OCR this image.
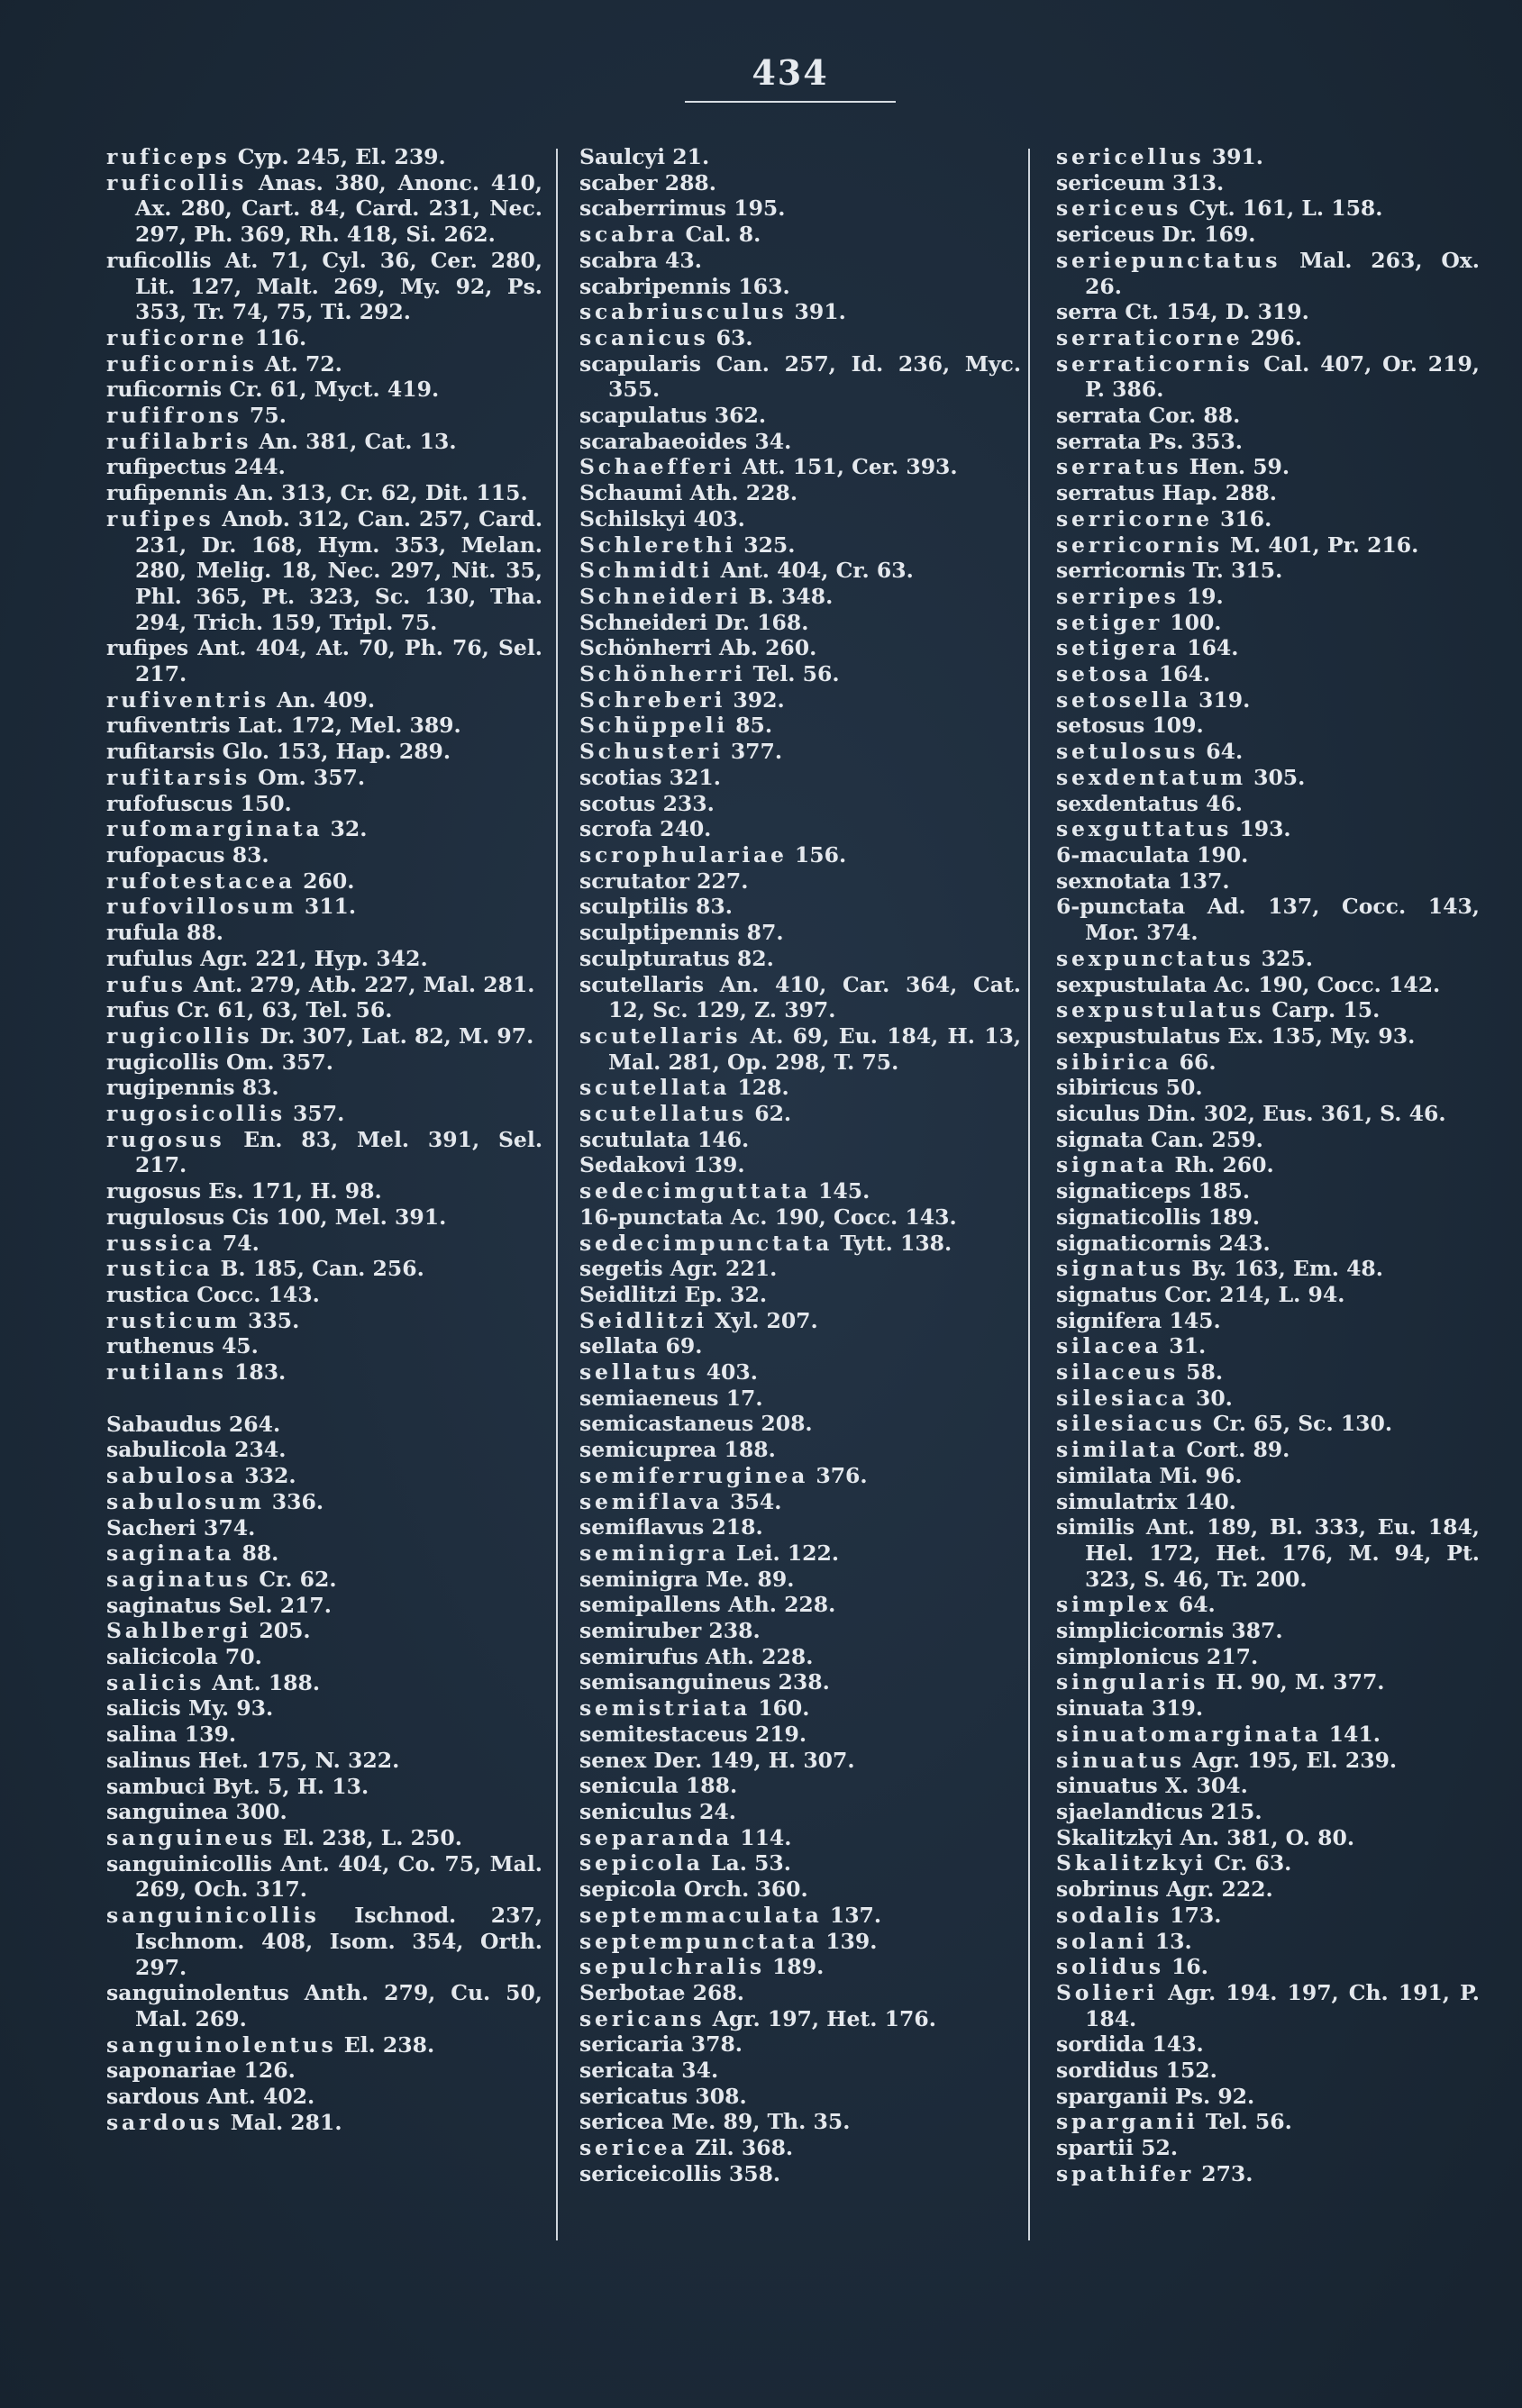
434

ruficeps Cyp. 245, El. 239.

ruficollis Anas. 380, Anonc. 410, Ax. 280, Cart. 84, Card. 231, Nec. 297, Ph. 369, Rh. 418, Si. 262.

ruficollis At. 71, Cyl. 36, Cer. 280, Lit. 127, Malt. 269, My. 92, Ps. 353, Tr. 74, 75, Ti. 292.

ruficorne 116.

ruficornis At. 72.

ruficornis Cr. 61, Myct. 419.

rufifrons 75.

rufilabris An. 381, Cat. 13.

rufipectus 244.

rufipennis An. 313, Cr. 62, Dit. 115.

rufipes Anob. 312, Can. 257, Card. 231, Dr. 168, Hym. 353, Melan. 280, Melig. 18, Nec. 297, Nit. 35, Phl. 365, Pt. 323, Sc. 130, Tha. 294, Trich. 159, Tripl. 75.

rufipes Ant. 404, At. 70, Ph. 76, Sel. 217.

rufiventris An. 409.

rufiventris Lat. 172, Mel. 389.

rufitarsis Glo. 153, Hap. 289.

rufitarsis Om. 357.

rufofuscus 150.

rufomarginata 32.

rufopacus 83.

rufotestacea 260.

rufovillosum 311.

rufula 88.

rufulus Agr. 221, Hyp. 342.

rufus Ant. 279, Atb. 227, Mal. 281.

rufus Cr. 61, 63, Tel. 56.

rugicollis Dr. 307, Lat. 82, M. 97.

rugicollis Om. 357.

rugipennis 83.

rugosicollis 357.

rugosus En. 83, Mel. 391, Sel. 217.

rugosus Es. 171, H. 98.

rugulosus Cis 100, Mel. 391.

russica 74.

rustica B. 185, Can. 256.

rustica Cocc. 143.

rusticum 335.

ruthenus 45.

rutilans 183.

Sabaudus 264.

sabulicola 234.

sabulosa 332.

sabulosum 336.

Sacheri 374.

saginata 88.

saginatus Cr. 62.

saginatus Sel. 217.

Sahlbergi 205.

salicicola 70.

salicis Ant. 188.

salicis My. 93.

salina 139.

salinus Het. 175, N. 322.

sambuci Byt. 5, H. 13.

sanguinea 300.

sanguineus El. 238, L. 250.

sanguinicollis Ant. 404, Co. 75, Mal. 269, Och. 317.

sanguinicollis Ischnod. 237, Ischnom. 408, Isom. 354, Orth. 297.

sanguinolentus Anth. 279, Cu. 50, Mal. 269.

sanguinolentus El. 238.

saponariae 126.

sardous Ant. 402.

sardous Mal. 281.

Saulcyi 21.

scaber 288.

scaberrimus 195.

scabra Cal. 8.

scabra 43.

scabripennis 163.

scabriusculus 391.

scanicus 63.

scapularis Can. 257, Id. 236, Myc. 355.

scapulatus 362.

scarabaeoides 34.

Schaefferi Att. 151, Cer. 393.

Schaumi Ath. 228.

Schilskyi 403.

Schlerethi 325.

Schmidti Ant. 404, Cr. 63.

Schneideri B. 348.

Schneideri Dr. 168.

Schönherri Ab. 260.

Schönherri Tel. 56.

Schreberi 392.

Schüppeli 85.

Schusteri 377.

scotias 321.

scotus 233.

scrofa 240.

scrophulariae 156.

scrutator 227.

sculptilis 83.

sculptipennis 87.

sculpturatus 82.

scutellaris An. 410, Car. 364, Cat. 12, Sc. 129, Z. 397.

scutellaris At. 69, Eu. 184, H. 13, Mal. 281, Op. 298, T. 75.

scutellata 128.

scutellatus 62.

scutulata 146.

Sedakovi 139.

sedecimguttata 145.

16-punctata Ac. 190, Cocc. 143.

sedecimpunctata Tytt. 138.

segetis Agr. 221.

Seidlitzi Ep. 32.

Seidlitzi Xyl. 207.

sellata 69.

sellatus 403.

semiaeneus 17.

semicastaneus 208.

semicuprea 188.

semiferruginea 376.

semiflava 354.

semiflavus 218.

seminigra Lei. 122.

seminigra Me. 89.

semipallens Ath. 228.

semiruber 238.

semirufus Ath. 228.

semisanguineus 238.

semistriata 160.

semitestaceus 219.

senex Der. 149, H. 307.

senicula 188.

seniculus 24.

separanda 114.

sepicola La. 53.

sepicola Orch. 360.

septemmaculata 137.

septempunctata 139.

sepulchralis 189.

Serbotae 268.

sericans Agr. 197, Het. 176.

sericaria 378.

sericata 34.

sericatus 308.

sericea Me. 89, Th. 35.

sericea Zil. 368.

sericeicollis 358.

sericellus 391.

sericeum 313.

sericeus Cyt. 161, L. 158.

sericeus Dr. 169.

seriepunctatus Mal. 263, Ox. 26.

serra Ct. 154, D. 319.

serraticorne 296.

serraticornis Cal. 407, Or. 219, P. 386.

serrata Cor. 88.

serrata Ps. 353.

serratus Hen. 59.

serratus Hap. 288.

serricorne 316.

serricornis M. 401, Pr. 216.

serricornis Tr. 315.

serripes 19.

setiger 100.

setigera 164.

setosa 164.

setosella 319.

setosus 109.

setulosus 64.

sexdentatum 305.

sexdentatus 46.

sexguttatus 193.

6-maculata 190.

sexnotata 137.

6-punctata Ad. 137, Cocc. 143, Mor. 374.

sexpunctatus 325.

sexpustulata Ac. 190, Cocc. 142.

sexpustulatus Carp. 15.

sexpustulatus Ex. 135, My. 93.

sibirica 66.

sibiricus 50.

siculus Din. 302, Eus. 361, S. 46.

signata Can. 259.

signata Rh. 260.

signaticeps 185.

signaticollis 189.

signaticornis 243.

signatus By. 163, Em. 48.

signatus Cor. 214, L. 94.

signifera 145.

silacea 31.

silaceus 58.

silesiaca 30.

silesiacus Cr. 65, Sc. 130.

similata Cort. 89.

similata Mi. 96.

simulatrix 140.

similis Ant. 189, Bl. 333, Eu. 184, Hel. 172, Het. 176, M. 94, Pt. 323, S. 46, Tr. 200.

simplex 64.

simplicicornis 387.

simplonicus 217.

singularis H. 90, M. 377.

sinuata 319.

sinuatomarginata 141.

sinuatus Agr. 195, El. 239.

sinuatus X. 304.

sjaelandicus 215.

Skalitzkyi An. 381, O. 80.

Skalitzkyi Cr. 63.

sobrinus Agr. 222.

sodalis 173.

solani 13.

solidus 16.

Solieri Agr. 194. 197, Ch. 191, P. 184.

sordida 143.

sordidus 152.

sparganii Ps. 92.

sparganii Tel. 56.

spartii 52.

spathifer 273.
